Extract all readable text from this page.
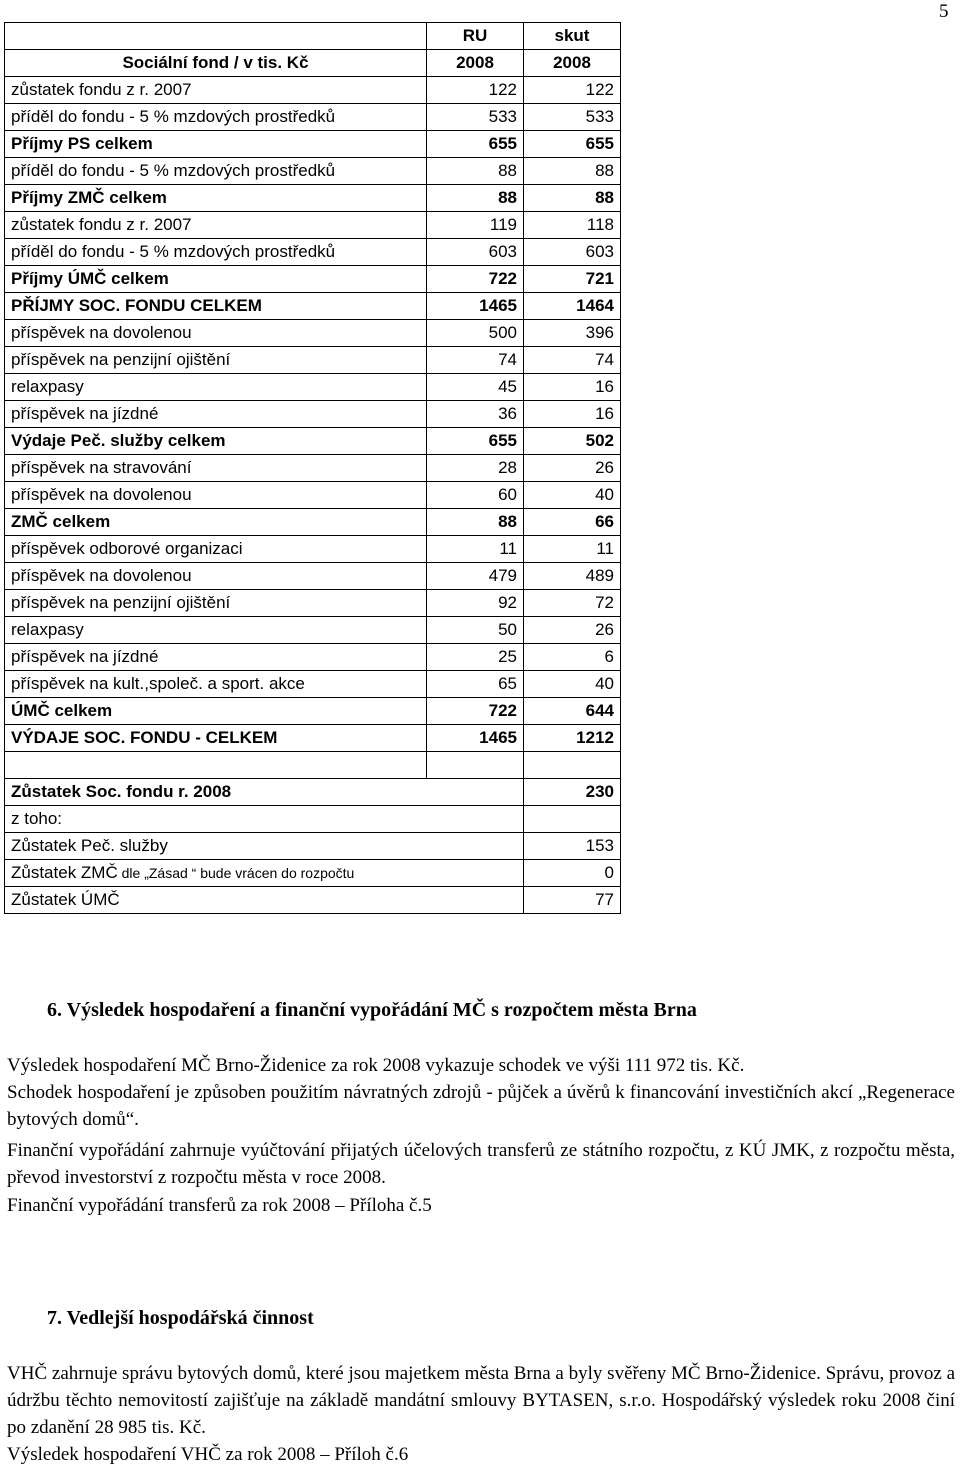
5
	RU	skut
Sociální fond / v tis. Kč	2008	2008
zůstatek fondu z r. 2007	122	122
příděl do fondu - 5 % mzdových prostředků	533	533
Příjmy PS celkem	655	655
příděl do fondu - 5 % mzdových prostředků	88	88
Příjmy ZMČ celkem	88	88
zůstatek fondu z r. 2007	119	118
příděl do fondu - 5 % mzdových prostředků	603	603
Příjmy ÚMČ celkem	722	721
PŘÍJMY SOC. FONDU CELKEM	1465	1464
příspěvek na dovolenou	500	396
příspěvek na penzijní ojištění	74	74
relaxpasy	45	16
příspěvek na jízdné	36	16
Výdaje Peč. služby celkem	655	502
příspěvek na stravování	28	26
příspěvek na dovolenou	60	40
ZMČ celkem	88	66
příspěvek odborové organizaci	11	11
příspěvek na dovolenou	479	489
příspěvek na penzijní ojištění	92	72
relaxpasy	50	26
příspěvek na jízdné	25	6
příspěvek na kult.,společ. a sport. akce	65	40
ÚMČ celkem	722	644
VÝDAJE SOC. FONDU - CELKEM	1465	1212

Zůstatek Soc. fondu r. 2008		230
z toho:		
Zůstatek Peč. služby		153
Zůstatek ZMČ dle „Zásad “ bude vrácen do rozpočtu		0
Zůstatek ÚMČ		77
6. Výsledek hospodaření a finanční vypořádání MČ s rozpočtem města Brna
Výsledek hospodaření MČ Brno-Židenice za rok 2008 vykazuje schodek ve výši 111 972 tis. Kč.
Schodek hospodaření je způsoben použitím návratných zdrojů - půjček a úvěrů k financování investičních akcí „Regenerace bytových domů“.
Finanční vypořádání zahrnuje vyúčtování přijatých účelových transferů ze státního rozpočtu, z KÚ JMK, z rozpočtu města, převod investorství z rozpočtu města v roce 2008.
Finanční vypořádání transferů za rok 2008 – Příloha č.5
7. Vedlejší hospodářská činnost
VHČ zahrnuje správu bytových domů, které jsou majetkem města Brna a byly svěřeny MČ Brno-Židenice. Správu, provoz a údržbu těchto nemovitostí zajišťuje na základě mandátní smlouvy BYTASEN, s.r.o. Hospodářský výsledek roku 2008 činí po zdanění 28 985 tis. Kč.
Výsledek hospodaření VHČ za rok 2008 – Příloh č.6
